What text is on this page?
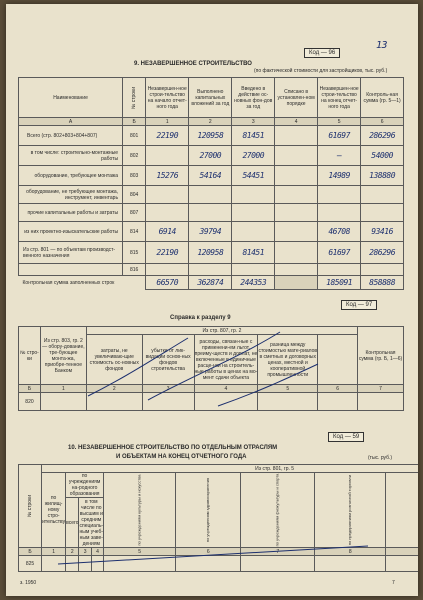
13
Код — 96
9. НЕЗАВЕРШЕННОЕ СТРОИТЕЛЬСТВО
(по фактической стоимости для застройщиков, тыс. руб.)
Наименование	№ строки	Незавершен-ное строи-тельство на начало отчет-ного года	Выполнено капитальных вложений за год	Введено в действие ос-новных фон-дов за год	Списано в установлен-ном порядке	Незавершен-ное строи-тельство на конец отчет-ного года	Контроль-ная сумма (гр. 5—1)
А	Б	1	2	3	4	5	6
Всего (стр. 802+803+804+807)	801	22190	120958	81451		61697	286296
в том числе: строительно-монтажные работы	802		27000	27000		—	54000
оборудование, требующее монтажа	803	15276	54164	54451		14989	138880
оборудование, не требующее монтажа, инструмент, инвентарь	804						
прочие капитальные работы и затраты	807						
из них проектно-изыскательские работы	814	6914	39794			46708	93416
Из стр. 801 — по объектам производст-венного назначения	815	22190	120958	81451		61697	286296
	816						
Контрольная сумма заполненных строк		66570	362874	244353		185091	858888
Код — 97
Справка к разделу 9
№ стро-ки	Из стр. 803, гр. 2 — обору-дование, тре-бующее монта-жа, приобре-тенное Банком	Из стр. 807, гр. 2					Контрольная сумма (гр. Б, 1—6)
		затраты, не увеличиваю-щие стоимость ос-новных фондов	убытки от лик-видации основ-ных фондов строительства	расходы, связан-ные с применени-ем льгот, преиму-ществ и доплат, не включенные в единичные расце-нки на строитель-ные работы в ценах на мо-мент сдачи объекта	разница между стоимостью мате-риалов в сметных и договорных ценах, местной и кооперативной промышленности		
Б	1	2	3	4	5	6	7
820							
Код — 59
10. НЕЗАВЕРШЕННОЕ СТРОИТЕЛЬСТВО ПО ОТДЕЛЬНЫМ ОТРАСЛЯМ
И ОБЪЕКТАМ НА КОНЕЦ ОТЧЕТНОГО ГОДА	(тыс. руб.)
№ строки	Из стр. 801, гр. 5	

	по жилищ-ному стро-ительству	по учреждениям на-родного образования			по учреждениям культуры и искусства	по учреждениям здравоохранения	по учреждениям физкультуры и спорта	по предприятиям розничной торговли

		всего	в том числе по высшим и средним специаль-ным учеб-ным заве-дениям										
Б	1	2	3	4	5	6	7	8					
825													
з. 1950	7
